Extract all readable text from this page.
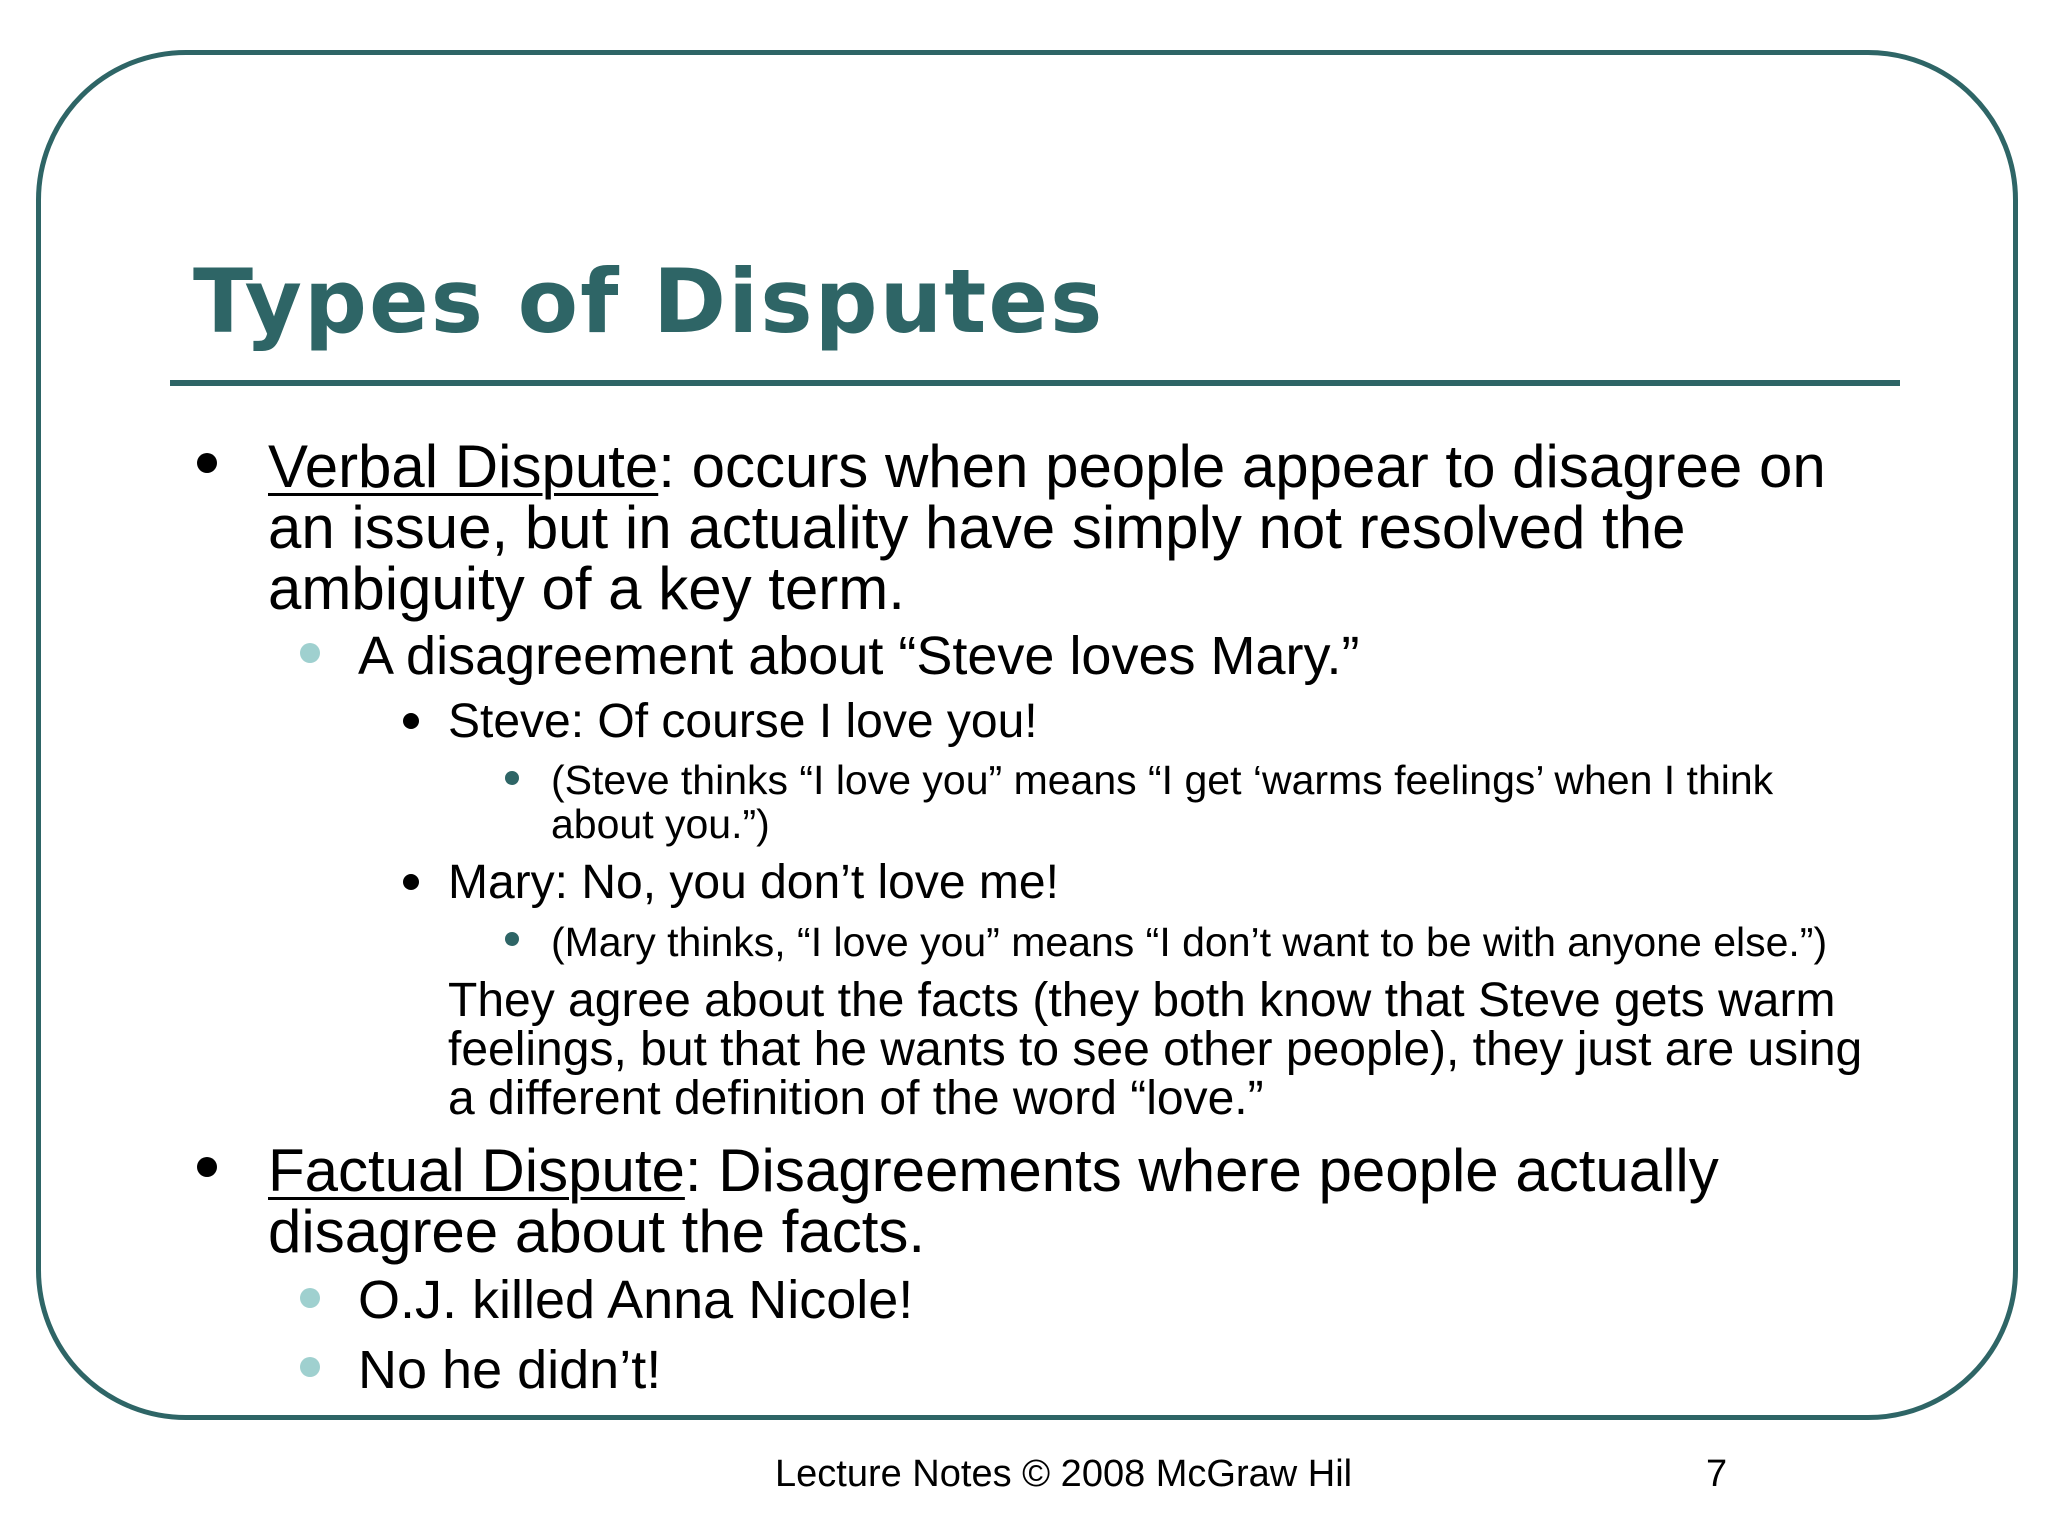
Types of Disputes
Verbal Dispute: occurs when people appear to disagree on
an issue, but in actuality have simply not resolved the
ambiguity of a key term.
A disagreement about “Steve loves Mary.”
Steve: Of course I love you!
(Steve thinks “I love you” means “I get ‘warms feelings’ when I think
about you.”)
Mary: No, you don’t love me!
(Mary thinks, “I love you” means “I don’t want to be with anyone else.”)
They agree about the facts (they both know that Steve gets warm
feelings, but that he wants to see other people), they just are using
a different definition of the word “love.”
Factual Dispute: Disagreements where people actually
disagree about the facts.
O.J. killed Anna Nicole!
No he didn’t!
Lecture Notes © 2008 McGraw Hil	7
